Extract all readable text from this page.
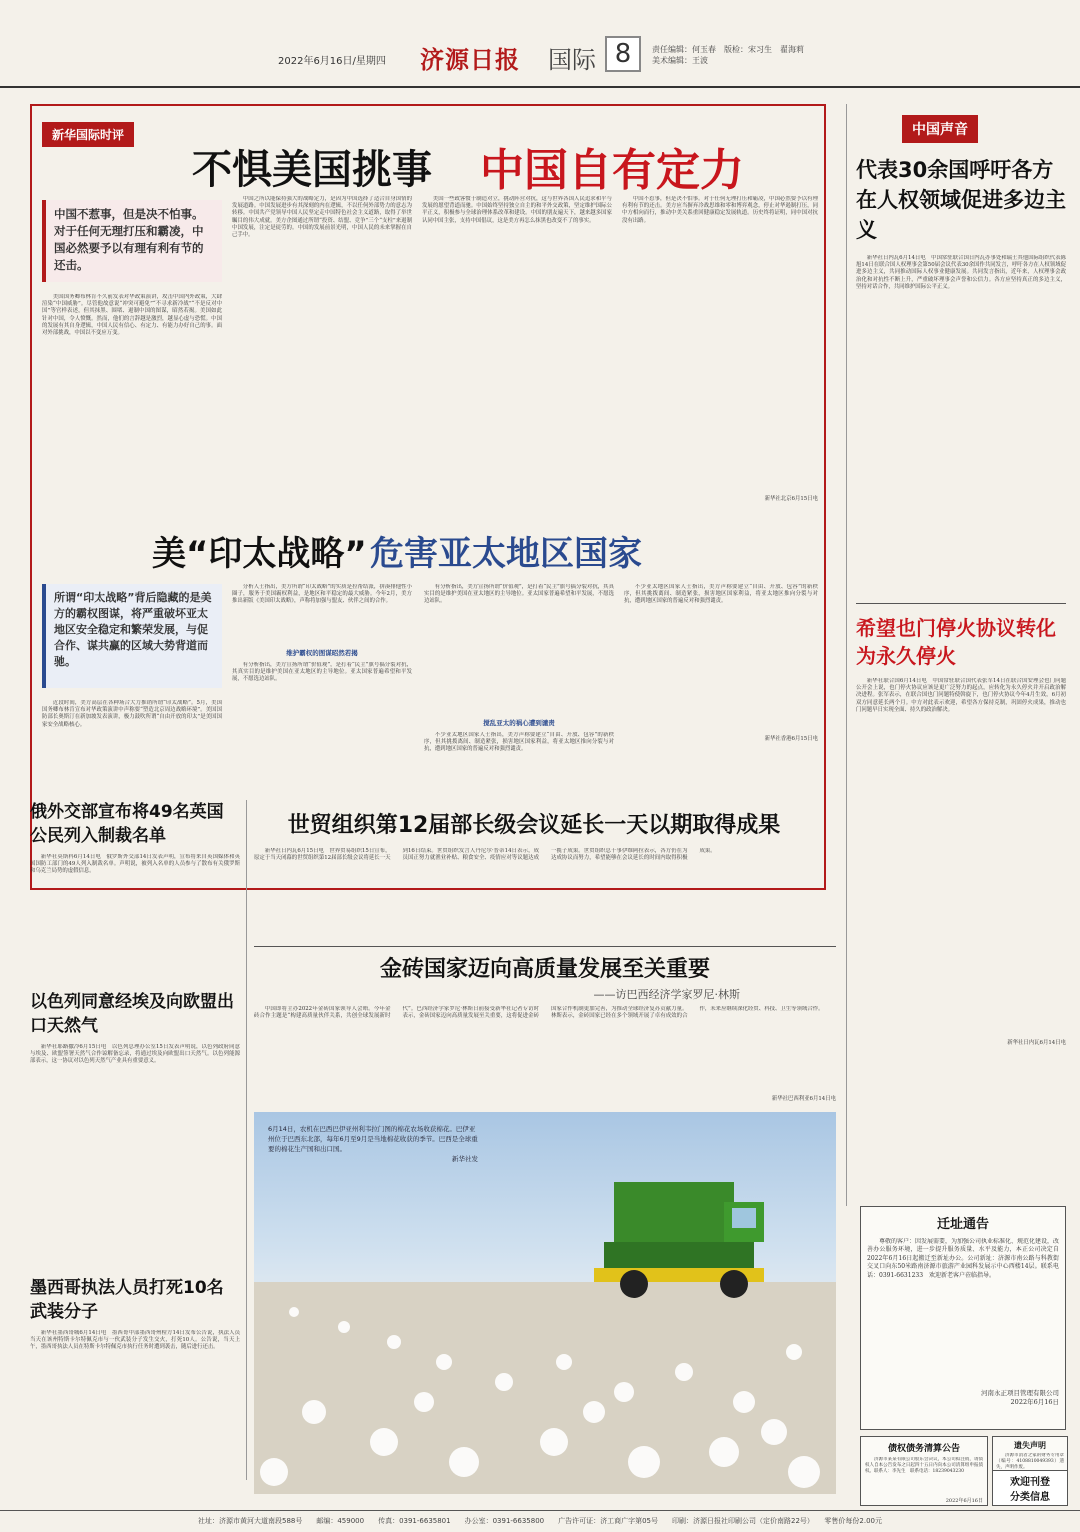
2022年6月16日/星期四 济源日报 国际 8	责任编辑：何玉春　版检：宋习生　翟海莉
美术编辑：王波
新华国际时评
不惧美国挑事 中国自有定力
中国不惹事，但是决不怕事。对于任何无理打压和霸凌，中国必然要予以有理有利有节的还击。

美国国务卿布林肯不久前发表对华政策演讲，攻击中国内外政策，大肆渲染“中国威胁”。尽管他故意说“冲突可避免”“不寻求新冷战”“不是反对中国”等官样表述，但其抹黑、围堵、遏制中国的图谋，昭然若揭。美国如此针对中国，令人愤慨。然而，他们的言辞越是激烈，越显心虚与恐慌。中国的发展有其自身逻辑，中国人民有信心、有定力、有能力办好自己的事。面对外部挑战，中国以不变应万变。

中国之所以能保持强大的战略定力，是因为中国选择了适合自身国情的发展道路。中国发展进步有其深刻的内在逻辑，不以任何外部势力的意志为转移。中国共产党领导中国人民坚定走中国特色社会主义道路，取得了举世瞩目的伟大成就。美方企图通过所谓“投资、结盟、竞争”三个“支柱”来遏制中国发展，注定是徒劳的。中国的发展前景光明，中国人民的未来掌握在自己手中。

美国一些政客惯于制造对立，挑动阵营对抗，这与世界各国人民追求和平与发展的愿望背道而驰。中国始终坚持独立自主的和平外交政策，坚定维护国际公平正义，积极参与全球治理体系改革和建设。中国的朋友遍天下，越来越多国家认同中国主张，支持中国倡议，这是美方再怎么抹黑也改变不了的事实。

中国不惹事，但是决不怕事。对于任何无理打压和霸凌，中国必然要予以有理有利有节的还击。美方应当摒弃冷战思维和零和博弈观念，停止对华遏制打压，同中方相向而行，推动中美关系重回健康稳定发展轨道。历史终将证明，同中国对抗没有出路。

新华社北京6月15日电
美“印太战略” 危害亚太地区国家
所谓“印太战略”背后隐藏的是美方的霸权图谋，将严重破坏亚太地区安全稳定和繁荣发展，与促合作、谋共赢的区域大势背道而驰。

近段时间，美方高层在各种场合大力推销所谓“印太战略”。5月，美国国务卿布林肯宣布对华政策演讲中声称要“塑造北京周边战略环境”。美国国防部长奥斯汀在新加坡发表演讲，极力鼓吹所谓“自由开放的印太”是美国国家安全战略核心。

分析人士指出，美方所谓“印太战略”的实质是拉帮结派，拼凑排他性小圈子，服务于美国霸权利益，是地区和平稳定的最大威胁。今年2月，美方推出新版《美国印太战略》，声称将加强与盟友、伙伴之间的合作。

维护霸权的图谋昭然若揭

有分析指出，美方宣扬所谓“价值观”，是打着“民主”旗号搞分裂对抗，其真实目的是维护美国在亚太地区的主导地位。亚太国家普遍希望和平发展，不愿选边站队。

有分析指出，美方宣扬所谓“价值观”，是打着“民主”旗号搞分裂对抗，其真实目的是维护美国在亚太地区的主导地位。亚太国家普遍希望和平发展，不愿选边站队。

搅乱亚太的祸心遭到谴责

不少亚太地区国家人士指出，美方声称要建立“自由、开放、包容”的新秩序，但其挑拨离间、制造紧张，损害地区国家利益，将亚太地区推向分裂与对抗，遭到地区国家的普遍反对和强烈谴责。

不少亚太地区国家人士指出，美方声称要建立“自由、开放、包容”的新秩序，但其挑拨离间、制造紧张，损害地区国家利益，将亚太地区推向分裂与对抗，遭到地区国家的普遍反对和强烈谴责。

新华社香港6月15日电
中国声音
代表30余国呼吁各方在人权领域促进多边主义

新华社日内瓦6月14日电　中国常驻联合国日内瓦办事处和瑞士其他国际组织代表陈旭14日在联合国人权理事会第50届会议代表30余国作共同发言，呼吁各方在人权领域促进多边主义，共同推动国际人权事业健康发展。共同发言指出，近年来，人权理事会政治化和对抗性不断上升，严重破坏理事会声誉和公信力。各方应坚持真正的多边主义，坚持对话合作，共同维护国际公平正义。

希望也门停火协议转化为永久停火

新华社联合国6月14日电　中国常驻联合国代表张军14日在联合国安理会也门问题公开会上说，也门停火协议应该是更广泛努力的起点，应转化为永久停火并开启政治解决进程。张军表示，在联合国也门问题特使斡旋下，也门停火协议今年4月生效，6月初双方同意延长两个月。中方对此表示欢迎，希望各方保持克制，巩固停火成果，推动也门问题早日实现全面、持久的政治解决。

新华社日内瓦6月14日电
俄外交部宣布将49名英国公民列入制裁名单

新华社莫斯科6月14日电　俄罗斯外交部14日发表声明，宣布将来自英国媒体和英国国防工部门的49人列入制裁名单。声明说，被列入名单的人员参与了散布有关俄罗斯和乌克兰局势的虚假信息。

以色列同意经埃及向欧盟出口天然气

新华社耶路撒冷6月15日电　以色列总理办公室15日发表声明说，以色列政府同意与埃及、欧盟签署天然气合作谅解备忘录，将通过埃及向欧盟出口天然气。以色列能源部表示，这一协议对以色列天然气产业具有重要意义。

墨西哥执法人员打死10名武装分子

新华社墨西哥城6月14日电　墨西哥中部墨西哥州检方14日发布公告说，执法人员当天在该州特斯卡尔特佩克市与一伙武装分子发生交火，打死10人。公告说，当天上午，墨西哥执法人员在特斯卡尔特佩克市执行任务时遭到袭击，随后进行还击。

世贸组织第12届部长级会议延长一天以期取得成果

新华社日内瓦6月15日电　世界贸易组织15日宣布，原定于当天闭幕的世贸组织第12届部长级会议将延长一天到16日结束。世贸组织发言人丹尼尔·普蒂14日表示，成员国正努力就渔业补贴、粮食安全、疫情应对等议题达成一揽子成果。世贸组织总干事伊维阿拉表示，各方仍在为达成协议而努力，希望能够在会议延长的时间内取得积极成果。

金砖国家迈向高质量发展至关重要
——访巴西经济学家罗尼·林斯

中国即将主办2022年金砖国家领导人会晤。今年金砖合作主题是“构建高质量伙伴关系，共创全球发展新时代”。巴西经济学家罗尼·林斯日前接受新华社记者专访时表示，金砖国家迈向高质量发展至关重要，这将促进金砖国家合作机制更加完善，为推动全球经济复苏贡献力量。林斯表示，金砖国家已经在多个领域开展了卓有成效的合作，未来应继续深化经贸、科技、卫生等领域合作。

新华社巴西利亚6月14日电
6月14日，农机在巴西巴伊亚州利韦拉门图的棉花农场收获棉花。巴伊亚州位于巴西东北部，每年6月至9月是当地棉花收获的季节。巴西是全球重要的棉花生产国和出口国。

新华社发
迁址通告

尊敬的客户：因发展需要，为加强公司执业标准化、规范化建设，改善办公服务环境，进一步提升服务质量、水平及能力，本正公司决定自2022年6月16日起搬迁至新址办公。公司新址：济源市南公路与科教街交叉口向东50米路南济源市旅游产业园科发展示中心西楼14层。联系电话：0391-6631233　欢迎新老客户莅临指导。

河南永正项目管理有限公司
2022年6月16日
债权债务清算公告

济源市某某有限公司股东会决议，本公司拟注销，请债权人自本公告发布之日起四十五日内向本公司清算组申报债权。联系人：李先生　联系电话：18239043230

2022年6月16日
遗失声明

济源市消者之家的财务专用章（编号：4108810049393）遗失，声明作废。

欢迎刊登
分类信息
社址：济源市黄河大道南段588号　　邮编：459000　　传真：0391-6635801　　办公室：0391-6635800　　广告许可证：济工商广字第05号　　印刷：济源日报社印刷公司（定价南路22号）　　零售价每份2.00元
